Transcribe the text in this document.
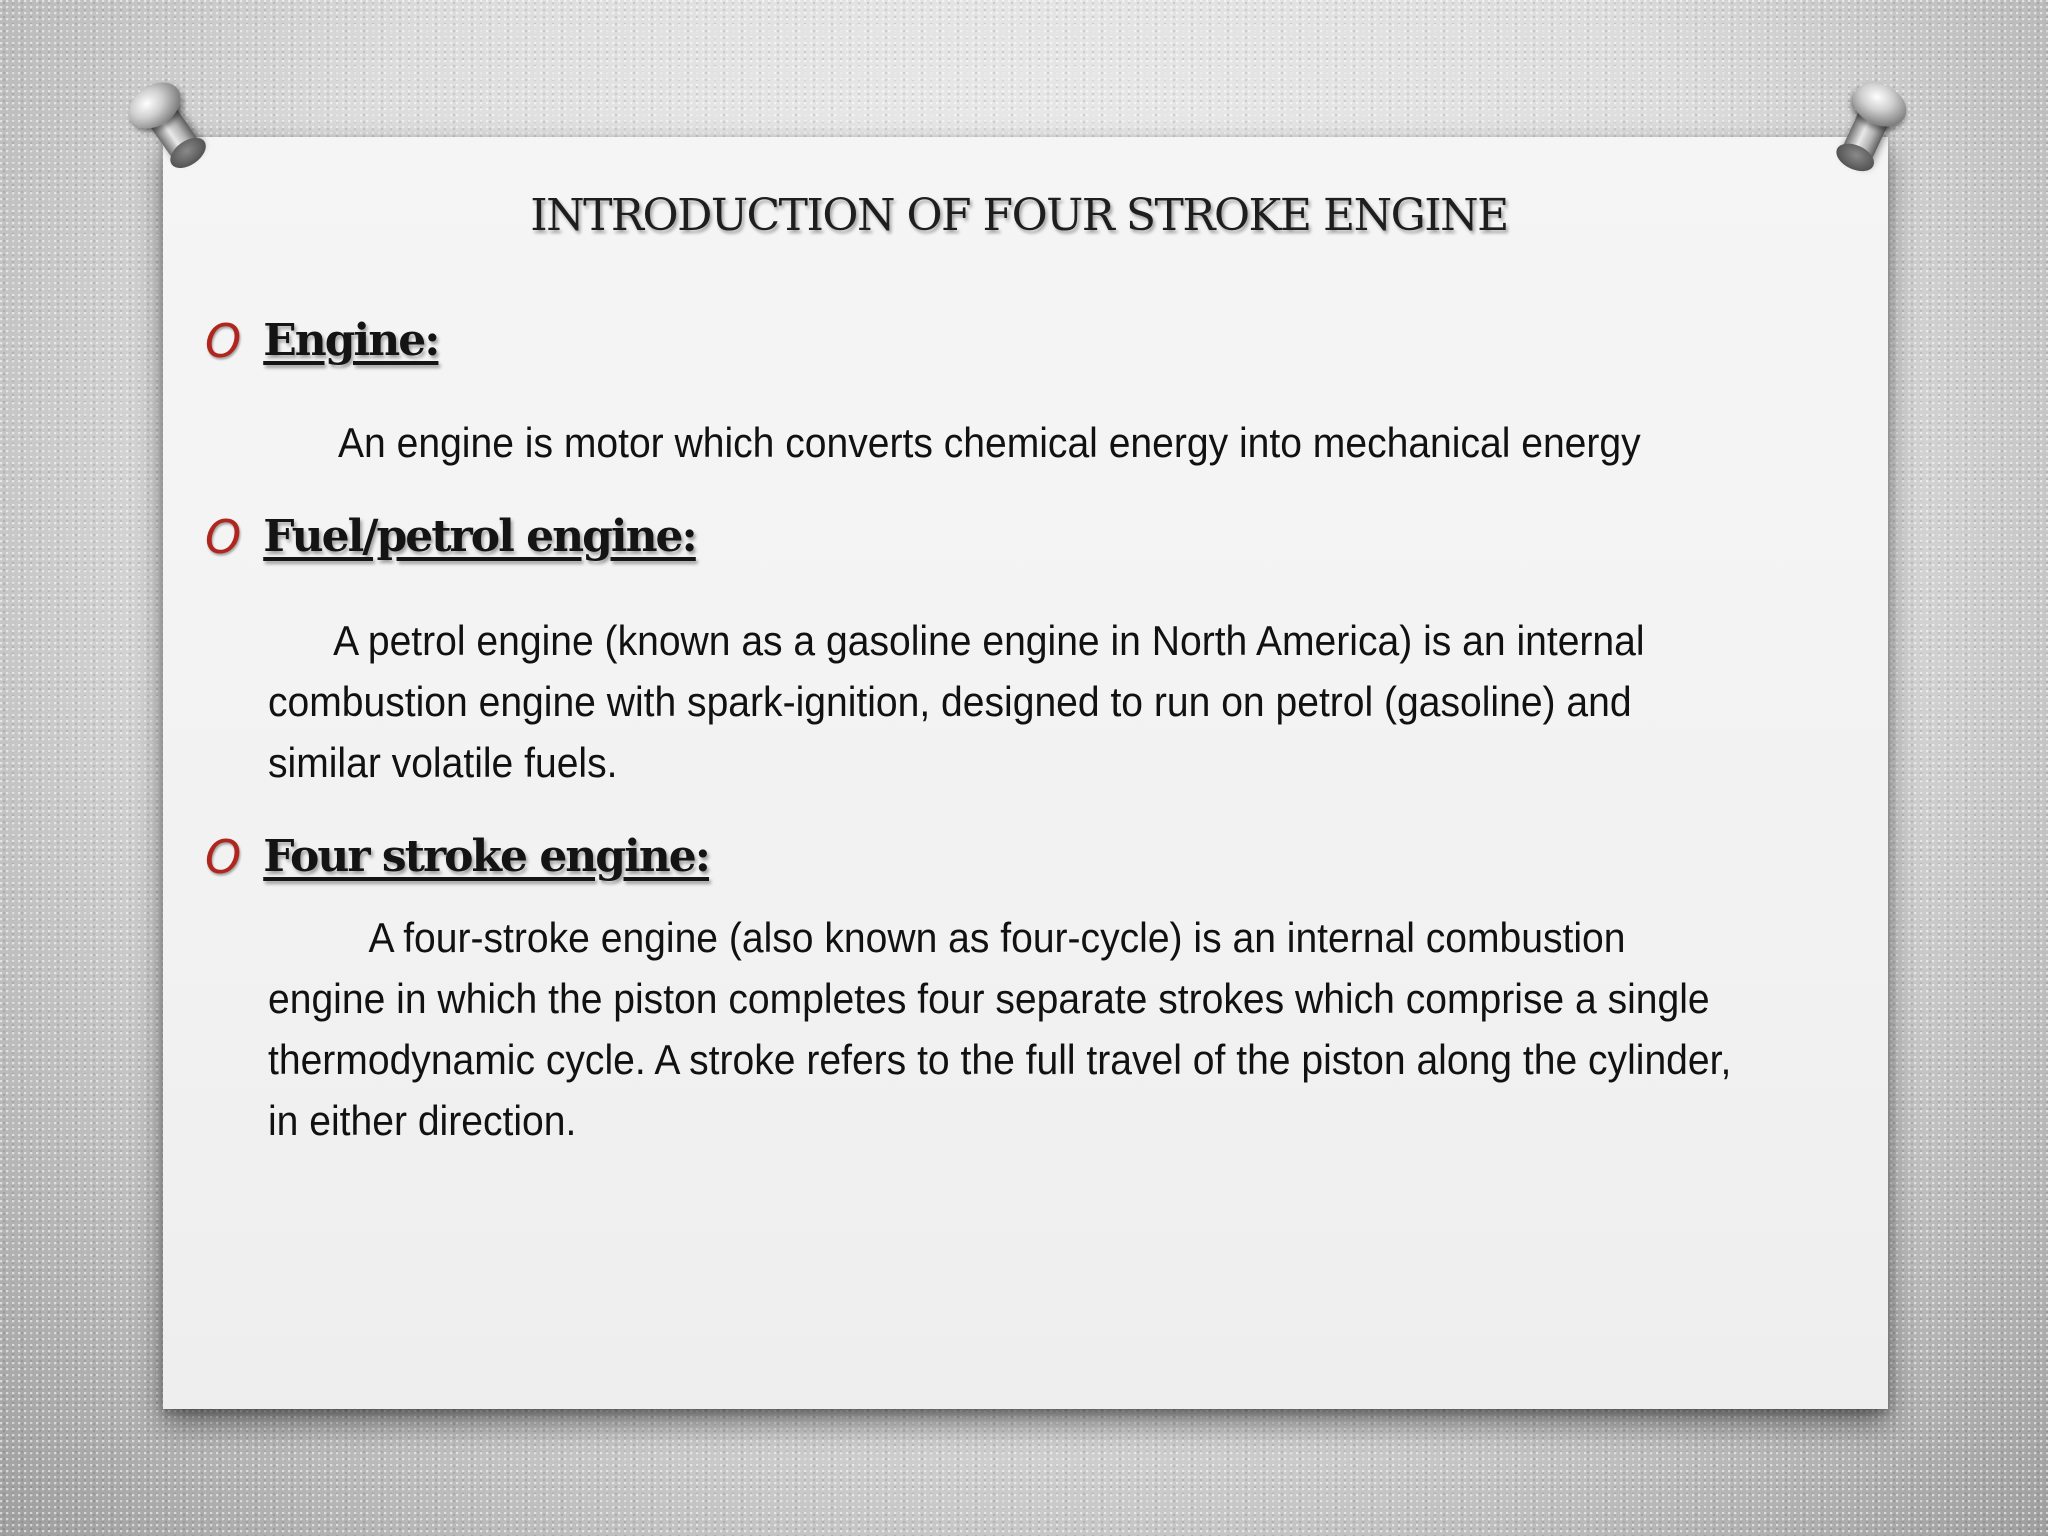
INTRODUCTION OF FOUR STROKE ENGINE
O Engine:

An engine is motor which converts chemical energy into mechanical energy

O Fuel/petrol engine:

A petrol engine (known as a gasoline engine in North America) is an internal combustion engine with spark-ignition, designed to run on petrol (gasoline) and similar volatile fuels.

O Four stroke engine:

A four-stroke engine (also known as four-cycle) is an internal combustion engine in which the piston completes four separate strokes which comprise a single thermodynamic cycle. A stroke refers to the full travel of the piston along the cylinder, in either direction.
